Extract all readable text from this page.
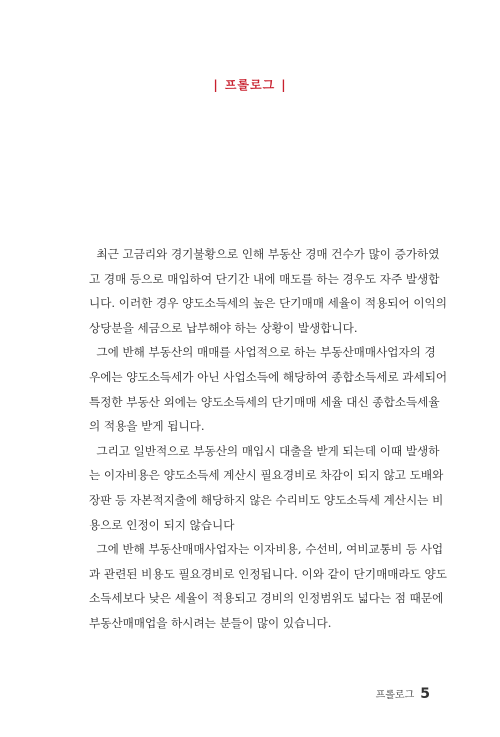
| 프롤로그 |
최근 고금리와 경기불황으로 인해 부동산 경매 건수가 많이 증가하였
고 경매 등으로 매입하여 단기간 내에 매도를 하는 경우도 자주 발생합
니다. 이러한 경우 양도소득세의 높은 단기매매 세율이 적용되어 이익의
상당분을 세금으로 납부해야 하는 상황이 발생합니다.
그에 반해 부동산의 매매를 사업적으로 하는 부동산매매사업자의 경
우에는 양도소득세가 아닌 사업소득에 해당하여 종합소득세로 과세되어
특정한 부동산 외에는 양도소득세의 단기매매 세율 대신 종합소득세율
의 적용을 받게 됩니다.
그리고 일반적으로 부동산의 매입시 대출을 받게 되는데 이때 발생하
는 이자비용은 양도소득세 계산시 필요경비로 차감이 되지 않고 도배와
장판 등 자본적지출에 해당하지 않은 수리비도 양도소득세 계산시는 비
용으로 인정이 되지 않습니다
그에 반해 부동산매매사업자는 이자비용, 수선비, 여비교통비 등 사업
과 관련된 비용도 필요경비로 인정됩니다. 이와 같이 단기매매라도 양도
소득세보다 낮은 세율이 적용되고 경비의 인정범위도 넓다는 점 때문에
부동산매매업을 하시려는 분들이 많이 있습니다.
프롤로그 5
